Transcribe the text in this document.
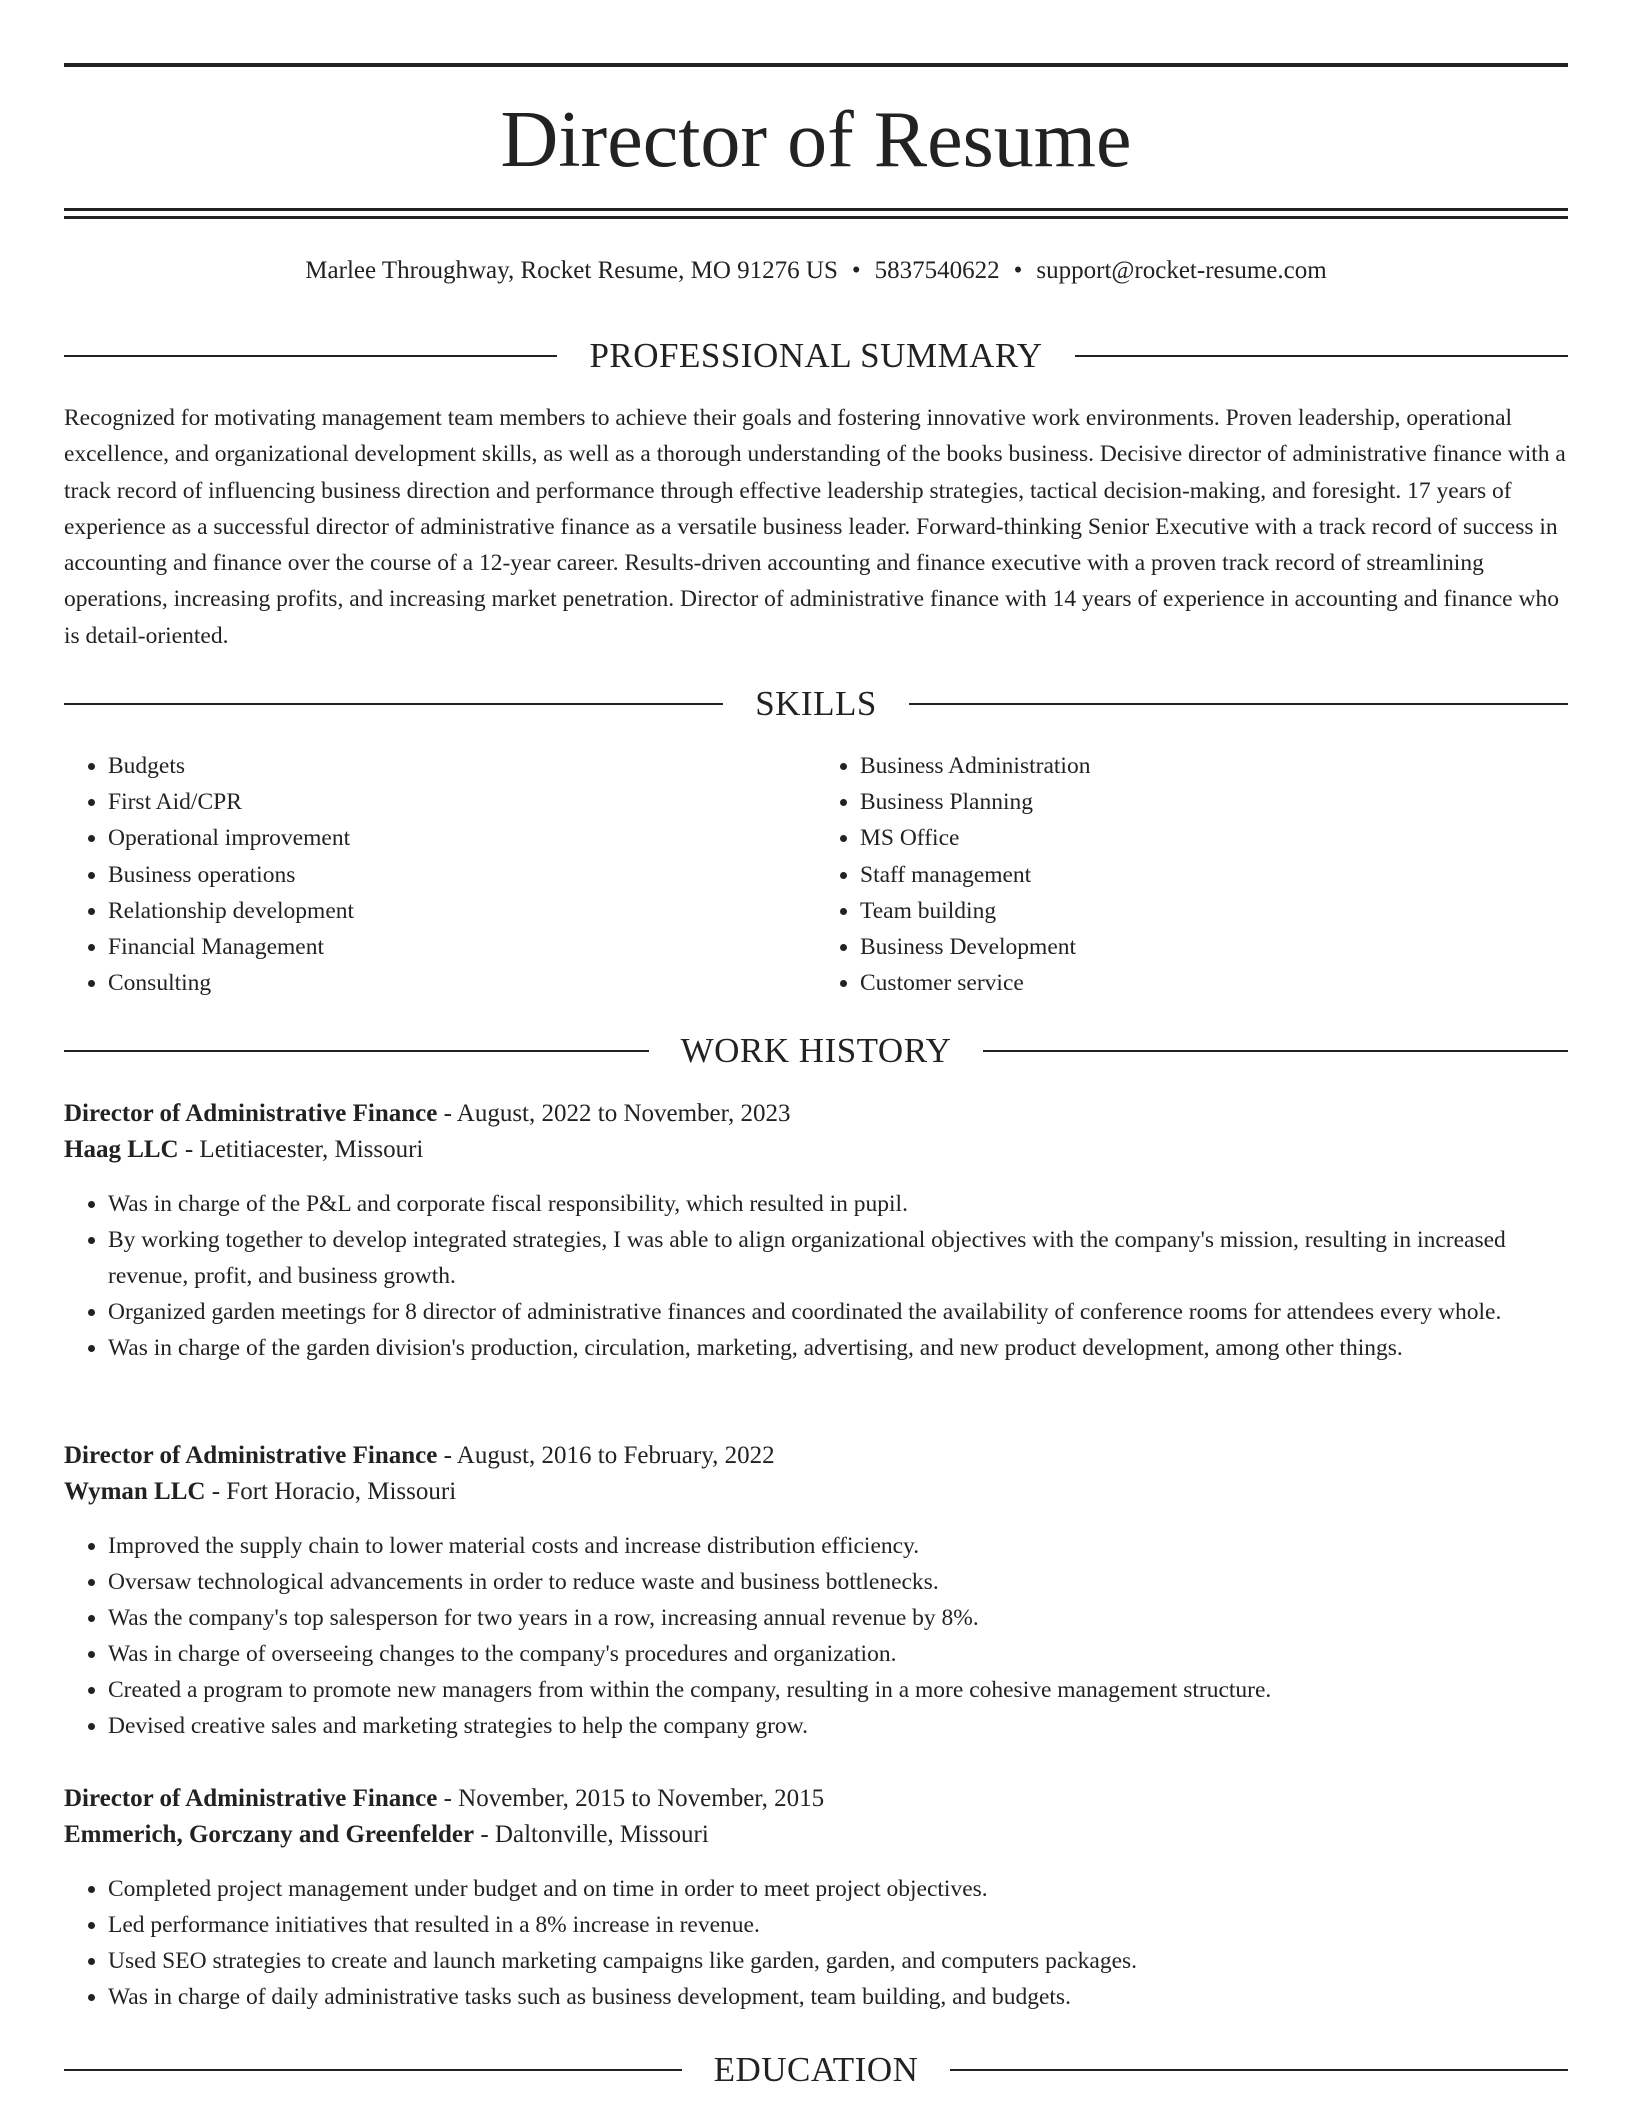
Director of Resume
Marlee Throughway, Rocket Resume, MO 91276 US • 5837540622 • support@rocket-resume.com
PROFESSIONAL SUMMARY

Recognized for motivating management team members to achieve their goals and fostering innovative work environments. Proven leadership, operational excellence, and organizational development skills, as well as a thorough understanding of the books business. Decisive director of administrative finance with a track record of influencing business direction and performance through effective leadership strategies, tactical decision-making, and foresight. 17 years of experience as a successful director of administrative finance as a versatile business leader. Forward-thinking Senior Executive with a track record of success in accounting and finance over the course of a 12-year career. Results-driven accounting and finance executive with a proven track record of streamlining operations, increasing profits, and increasing market penetration. Director of administrative finance with 14 years of experience in accounting and finance who is detail-oriented.

SKILLS
• Budgets
• First Aid/CPR
• Operational improvement
• Business operations
• Relationship development
• Financial Management
• Consulting
• Business Administration
• Business Planning
• MS Office
• Staff management
• Team building
• Business Development
• Customer service
WORK HISTORY
Director of Administrative Finance - August, 2022 to November, 2023
Haag LLC - Letitiacester, Missouri
• Was in charge of the P&L and corporate fiscal responsibility, which resulted in pupil.
• By working together to develop integrated strategies, I was able to align organizational objectives with the company's mission, resulting in increased revenue, profit, and business growth.
• Organized garden meetings for 8 director of administrative finances and coordinated the availability of conference rooms for attendees every whole.
• Was in charge of the garden division's production, circulation, marketing, advertising, and new product development, among other things.
Director of Administrative Finance - August, 2016 to February, 2022
Wyman LLC - Fort Horacio, Missouri
• Improved the supply chain to lower material costs and increase distribution efficiency.
• Oversaw technological advancements in order to reduce waste and business bottlenecks.
• Was the company's top salesperson for two years in a row, increasing annual revenue by 8%.
• Was in charge of overseeing changes to the company's procedures and organization.
• Created a program to promote new managers from within the company, resulting in a more cohesive management structure.
• Devised creative sales and marketing strategies to help the company grow.
Director of Administrative Finance - November, 2015 to November, 2015
Emmerich, Gorczany and Greenfelder - Daltonville, Missouri
• Completed project management under budget and on time in order to meet project objectives.
• Led performance initiatives that resulted in a 8% increase in revenue.
• Used SEO strategies to create and launch marketing campaigns like garden, garden, and computers packages.
• Was in charge of daily administrative tasks such as business development, team building, and budgets.
EDUCATION
